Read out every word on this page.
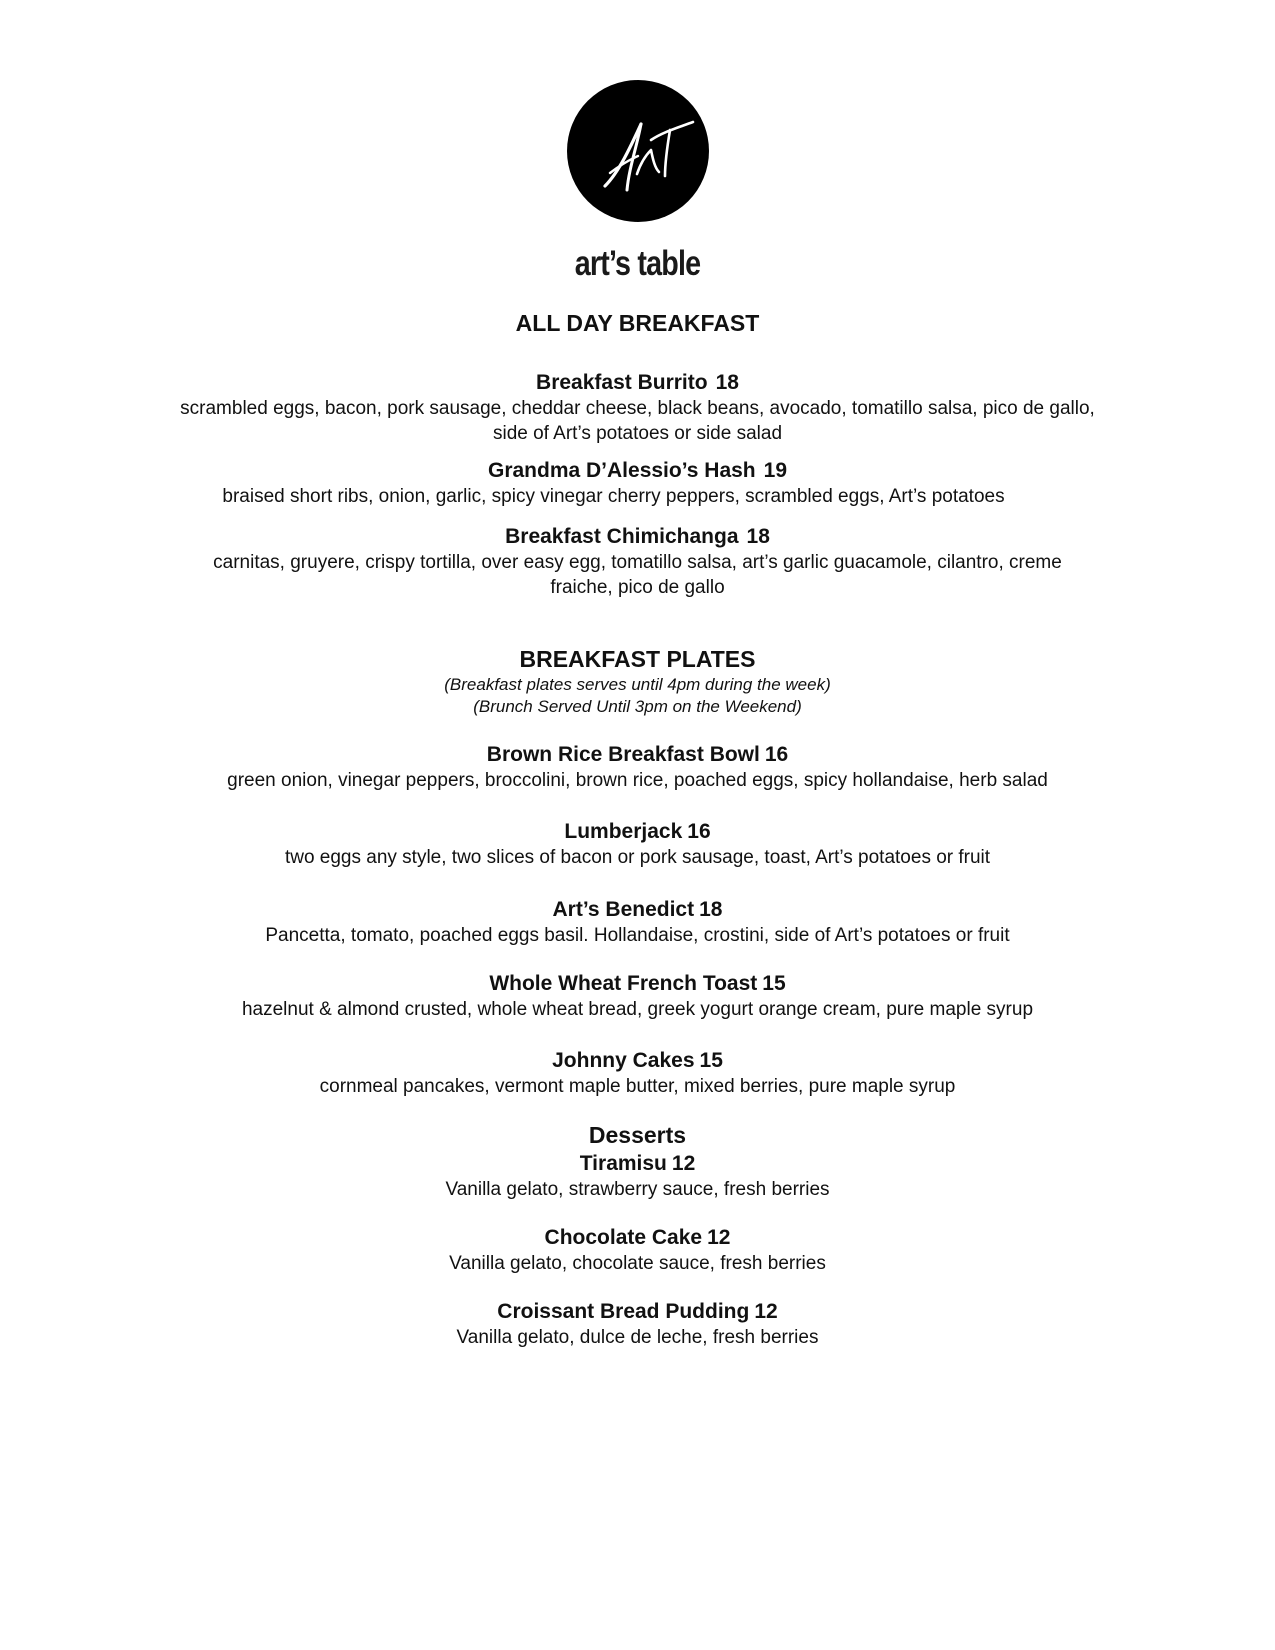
art’s table
ALL DAY BREAKFAST
Breakfast Burrito 18
scrambled eggs, bacon, pork sausage, cheddar cheese, black beans, avocado, tomatillo salsa, pico de gallo, side of Art’s potatoes or side salad
Grandma D’Alessio’s Hash 19
braised short ribs, onion, garlic, spicy vinegar cherry peppers, scrambled eggs, Art’s potatoes
Breakfast Chimichanga 18
carnitas, gruyere, crispy tortilla, over easy egg, tomatillo salsa, art’s garlic guacamole, cilantro, creme fraiche, pico de gallo
BREAKFAST PLATES
(Breakfast plates serves until 4pm during the week)
(Brunch Served Until 3pm on the Weekend)
Brown Rice Breakfast Bowl 16
green onion, vinegar peppers, broccolini, brown rice, poached eggs, spicy hollandaise, herb salad
Lumberjack 16
two eggs any style, two slices of bacon or pork sausage, toast, Art’s potatoes or fruit
Art’s Benedict 18
Pancetta, tomato, poached eggs basil. Hollandaise, crostini, side of Art’s potatoes or fruit
Whole Wheat French Toast 15
hazelnut & almond crusted, whole wheat bread, greek yogurt orange cream, pure maple syrup
Johnny Cakes 15
cornmeal pancakes, vermont maple butter, mixed berries, pure maple syrup
Desserts
Tiramisu 12
Vanilla gelato, strawberry sauce, fresh berries
Chocolate Cake 12
Vanilla gelato, chocolate sauce, fresh berries
Croissant Bread Pudding 12
Vanilla gelato, dulce de leche, fresh berries
